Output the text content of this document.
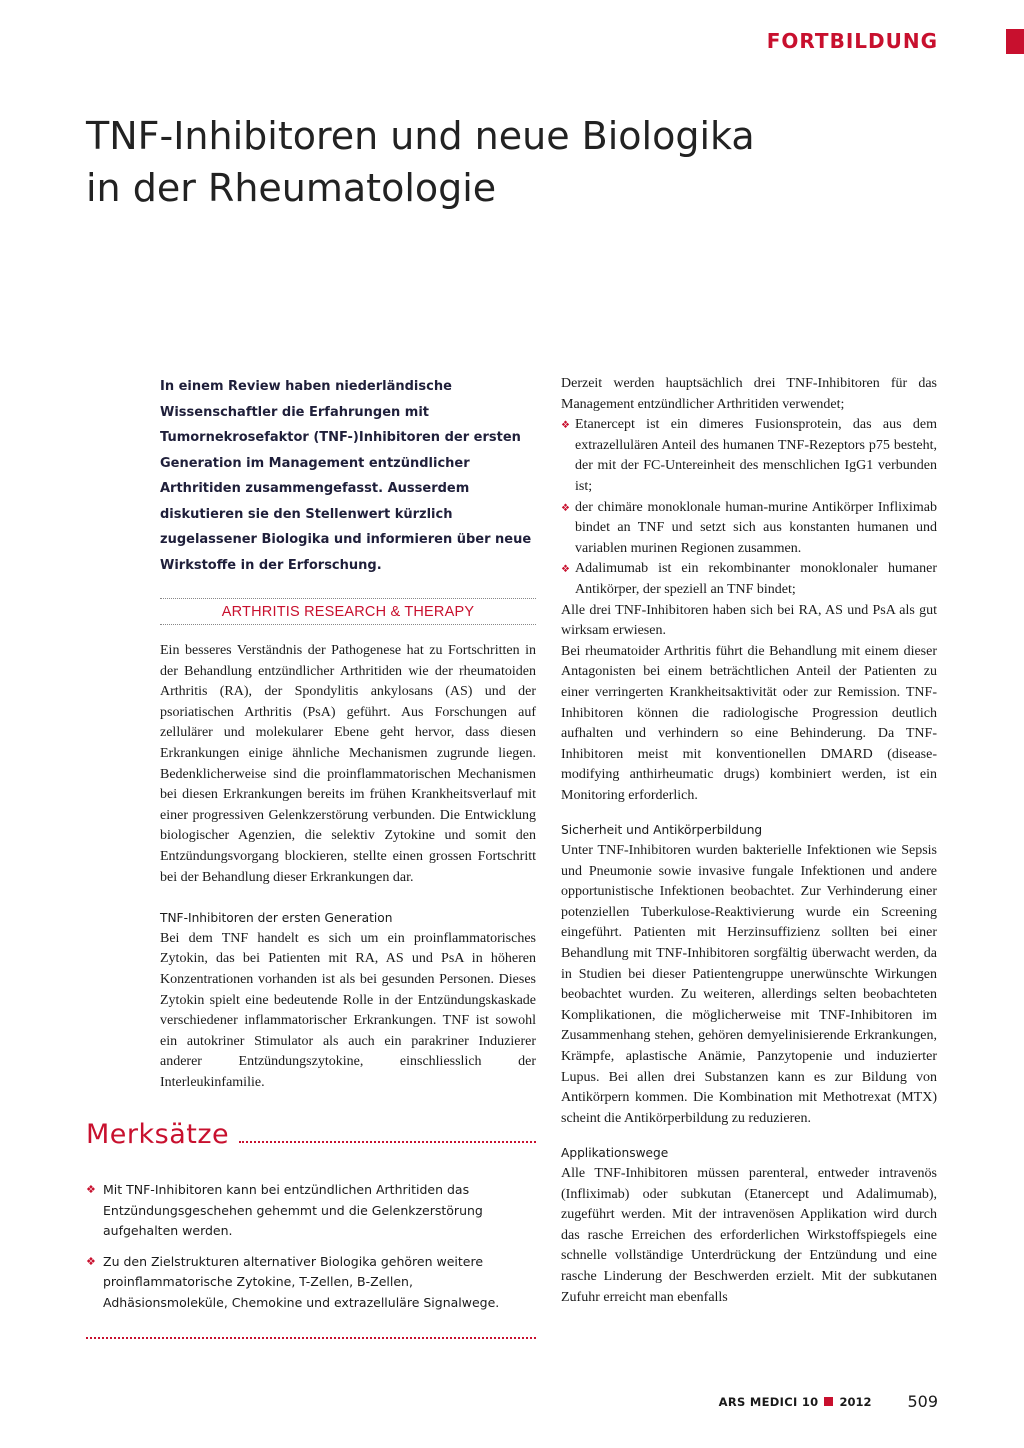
FORTBILDUNG
TNF-Inhibitoren und neue Biologika
in der Rheumatologie

In einem Review haben niederländische Wissenschaftler die Erfahrungen mit Tumornekrosefaktor (TNF-)Inhibitoren der ersten Generation im Management entzündlicher Arthritiden zusammengefasst. Ausserdem diskutieren sie den Stellenwert kürzlich zugelassener Biologika und informieren über neue Wirkstoffe in der Erforschung.

ARTHRITIS RESEARCH & THERAPY

Ein besseres Verständnis der Pathogenese hat zu Fortschritten in der Behandlung entzündlicher Arthritiden wie der rheumatoiden Arthritis (RA), der Spondylitis ankylosans (AS) und der psoriatischen Arthritis (PsA) geführt. Aus Forschungen auf zellulärer und molekularer Ebene geht hervor, dass diesen Erkrankungen einige ähnliche Mechanismen zugrunde liegen. Bedenklicherweise sind die proinflammatorischen Mechanismen bei diesen Erkrankungen bereits im frühen Krankheitsverlauf mit einer progressiven Gelenkzerstörung verbunden. Die Entwicklung biologischer Agenzien, die selektiv Zytokine und somit den Entzündungsvorgang blockieren, stellte einen grossen Fortschritt bei der Behandlung dieser Erkrankungen dar.

TNF-Inhibitoren der ersten Generation

Bei dem TNF handelt es sich um ein proinflammatorisches Zytokin, das bei Patienten mit RA, AS und PsA in höheren Konzentrationen vorhanden ist als bei gesunden Personen. Dieses Zytokin spielt eine bedeutende Rolle in der Entzündungskaskade verschiedener inflammatorischer Erkrankungen. TNF ist sowohl ein autokriner Stimulator als auch ein parakriner Induzierer anderer Entzündungszytokine, einschliesslich der Interleukinfamilie.

Merksätze
❖ Mit TNF-Inhibitoren kann bei entzündlichen Arthritiden das Entzündungsgeschehen gehemmt und die Gelenkzerstörung aufgehalten werden.
❖ Zu den Zielstrukturen alternativer Biologika gehören weitere proinflammatorische Zytokine, T-Zellen, B-Zellen, Adhäsionsmoleküle, Chemokine und extrazelluläre Signalwege.

Derzeit werden hauptsächlich drei TNF-Inhibitoren für das Management entzündlicher Arthritiden verwendet;

❖ Etanercept ist ein dimeres Fusionsprotein, das aus dem extrazellulären Anteil des humanen TNF-Rezeptors p75 besteht, der mit der FC-Untereinheit des menschlichen IgG1 verbunden ist;
❖ der chimäre monoklonale human-murine Antikörper Infliximab bindet an TNF und setzt sich aus konstanten humanen und variablen murinen Regionen zusammen.
❖ Adalimumab ist ein rekombinanter monoklonaler humaner Antikörper, der speziell an TNF bindet;

Alle drei TNF-Inhibitoren haben sich bei RA, AS und PsA als gut wirksam erwiesen.

Bei rheumatoider Arthritis führt die Behandlung mit einem dieser Antagonisten bei einem beträchtlichen Anteil der Patienten zu einer verringerten Krankheitsaktivität oder zur Remission. TNF-Inhibitoren können die radiologische Progression deutlich aufhalten und verhindern so eine Behinderung. Da TNF-Inhibitoren meist mit konventionellen DMARD (disease-modifying anthirheumatic drugs) kombiniert werden, ist ein Monitoring erforderlich.

Sicherheit und Antikörperbildung

Unter TNF-Inhibitoren wurden bakterielle Infektionen wie Sepsis und Pneumonie sowie invasive fungale Infektionen und andere opportunistische Infektionen beobachtet. Zur Verhinderung einer potenziellen Tuberkulose-Reaktivierung wurde ein Screening eingeführt. Patienten mit Herzinsuffizienz sollten bei einer Behandlung mit TNF-Inhibitoren sorgfältig überwacht werden, da in Studien bei dieser Patientengruppe unerwünschte Wirkungen beobachtet wurden. Zu weiteren, allerdings selten beobachteten Komplikationen, die möglicherweise mit TNF-Inhibitoren im Zusammenhang stehen, gehören demyelinisierende Erkrankungen, Krämpfe, aplastische Anämie, Panzytopenie und induzierter Lupus. Bei allen drei Substanzen kann es zur Bildung von Antikörpern kommen. Die Kombination mit Methotrexat (MTX) scheint die Antikörperbildung zu reduzieren.

Applikationswege

Alle TNF-Inhibitoren müssen parenteral, entweder intravenös (Infliximab) oder subkutan (Etanercept und Adalimumab), zugeführt werden. Mit der intravenösen Applikation wird durch das rasche Erreichen des erforderlichen Wirkstoffspiegels eine schnelle vollständige Unterdrückung der Entzündung und eine rasche Linderung der Beschwerden erzielt. Mit der subkutanen Zufuhr erreicht man ebenfalls

ARS MEDICI 10 2012 509
